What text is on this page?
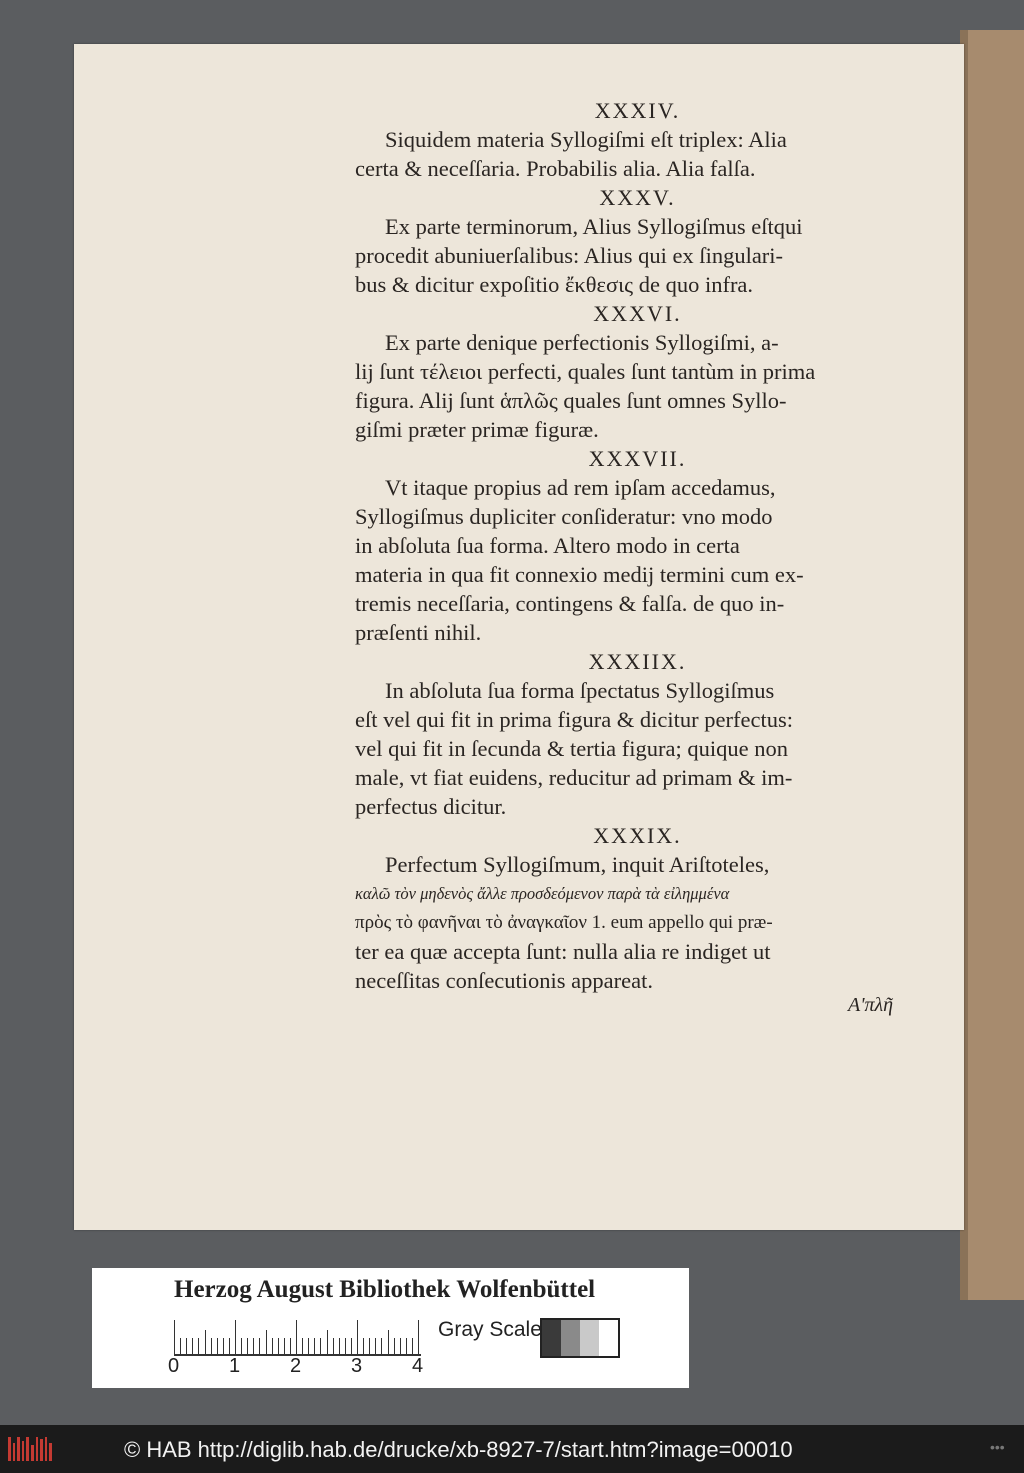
XXXIV.
Siquidem materia Syllogiſmi eſt triplex: Alia
certa & neceſſaria. Probabilis alia. Alia falſa.
XXXV.
Ex parte terminorum, Alius Syllogiſmus eſtqui
procedit abuniuerſalibus: Alius qui ex ſingulari-
bus & dicitur expoſitio ἔκθεσις de quo infra.
XXXVI.
Ex parte denique perfectionis Syllogiſmi, a-
lij ſunt τέλειοι perfecti, quales ſunt tantùm in prima
figura. Alij ſunt ἁπλῶς quales ſunt omnes Syllo-
giſmi præter primæ figuræ.
XXXVII.
Vt itaque propius ad rem ipſam accedamus,
Syllogiſmus dupliciter conſideratur: vno modo
in abſoluta ſua forma. Altero modo in certa
materia in qua fit connexio medij termini cum ex-
tremis neceſſaria, contingens & falſa. de quo in-
præſenti nihil.
XXXIIX.
In abſoluta ſua forma ſpectatus Syllogiſmus
eſt vel qui fit in prima figura & dicitur perfectus:
vel qui fit in ſecunda & tertia figura; quique non
male, vt fiat euidens, reducitur ad primam & im-
perfectus dicitur.
XXXIX.
Perfectum Syllogiſmum, inquit Ariſtoteles,
καλῶ τὸν μηδενὸς ἄλλε προσδεόμενον παρὰ τὰ εἰλημμένα
πρὸς τὸ φανῆναι τὸ ἀναγκαῖον 1. eum appello qui præ-
ter ea quæ accepta ſunt: nulla alia re indiget ut
neceſſitas conſecutionis appareat.
Α'πλῆ
Herzog August Bibliothek Wolfenbüttel
0 1 2 3 4
Gray Scale
© HAB http://diglib.hab.de/drucke/xb-8927-7/start.htm?image=00010	•••
